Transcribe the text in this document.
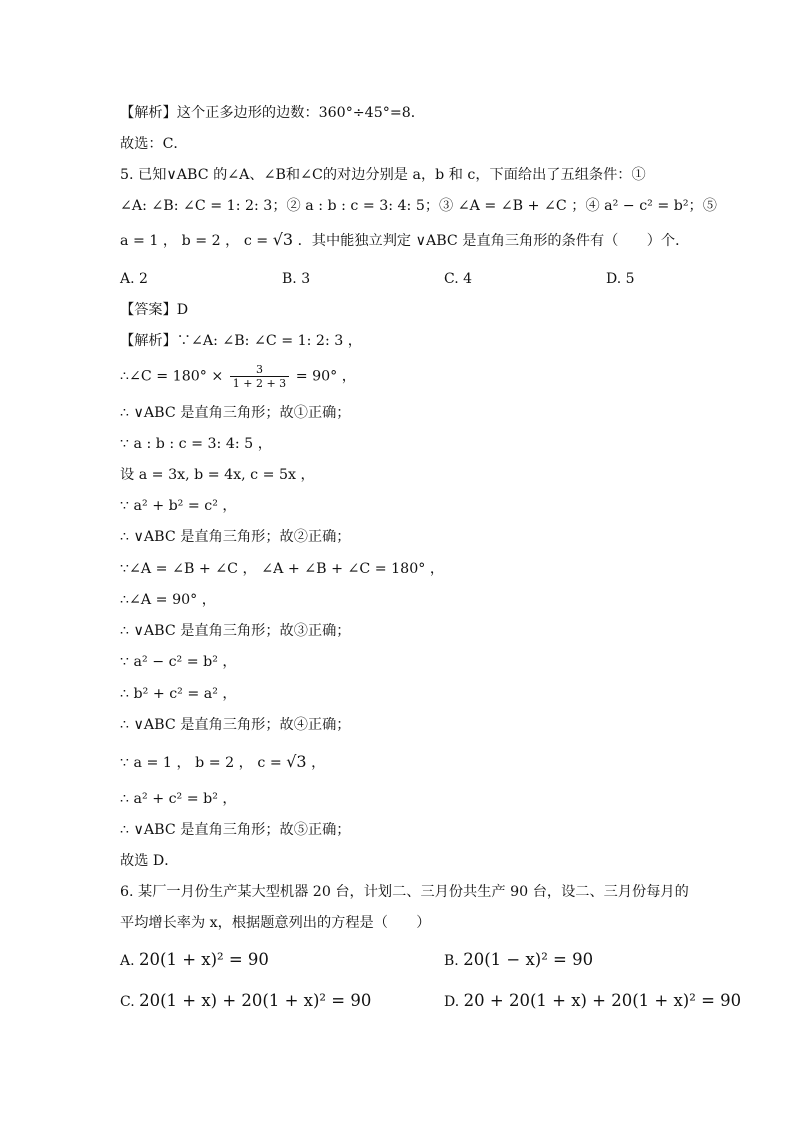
【解析】这个正多边形的边数：360°÷45°=8．
故选：C．
5. 已知∨ABC 的∠A、∠B和∠C的对边分别是 a，b 和 c，下面给出了五组条件：①
∠A: ∠B: ∠C = 1: 2: 3；② a : b : c = 3: 4: 5；③ ∠A = ∠B + ∠C ；④ a² − c² = b²；⑤
a = 1 ， b = 2 ， c = √3 ．其中能独立判定 ∨ABC 是直角三角形的条件有（　　）个．
A. 2	B. 3	C. 4	D. 5
【答案】D
【解析】∵∠A: ∠B: ∠C = 1: 2: 3 ，
∴∠C = $180^\circ \times \frac{3}{1 + 2 + 3} = 90^\circ$ ，
∴ ∨ABC 是直角三角形；故①正确；
∵ a : b : c = 3: 4: 5 ，
设 a = 3x, b = 4x, c = 5x ，
∵ a² + b² = c² ，
∴ ∨ABC 是直角三角形；故②正确；
∵∠A = ∠B + ∠C ， ∠A + ∠B + ∠C = 180° ，
∴∠A = 90° ，
∴ ∨ABC 是直角三角形；故③正确；
∵ a² − c² = b² ，
∴ b² + c² = a² ，
∴ ∨ABC 是直角三角形；故④正确；
∵ a = 1 ， b = 2 ， c = √3 ，
∴ a² + c² = b² ，
∴ ∨ABC 是直角三角形；故⑤正确；
故选 D．
6. 某厂一月份生产某大型机器 20 台，计划二、三月份共生产 90 台，设二、三月份每月的
平均增长率为 x，根据题意列出的方程是（　　）
A. 20(1 + x)² = 90	B. 20(1 − x)² = 90
C. 20(1 + x) + 20(1 + x)² = 90	D. 20 + 20(1 + x) + 20(1 + x)² = 90
